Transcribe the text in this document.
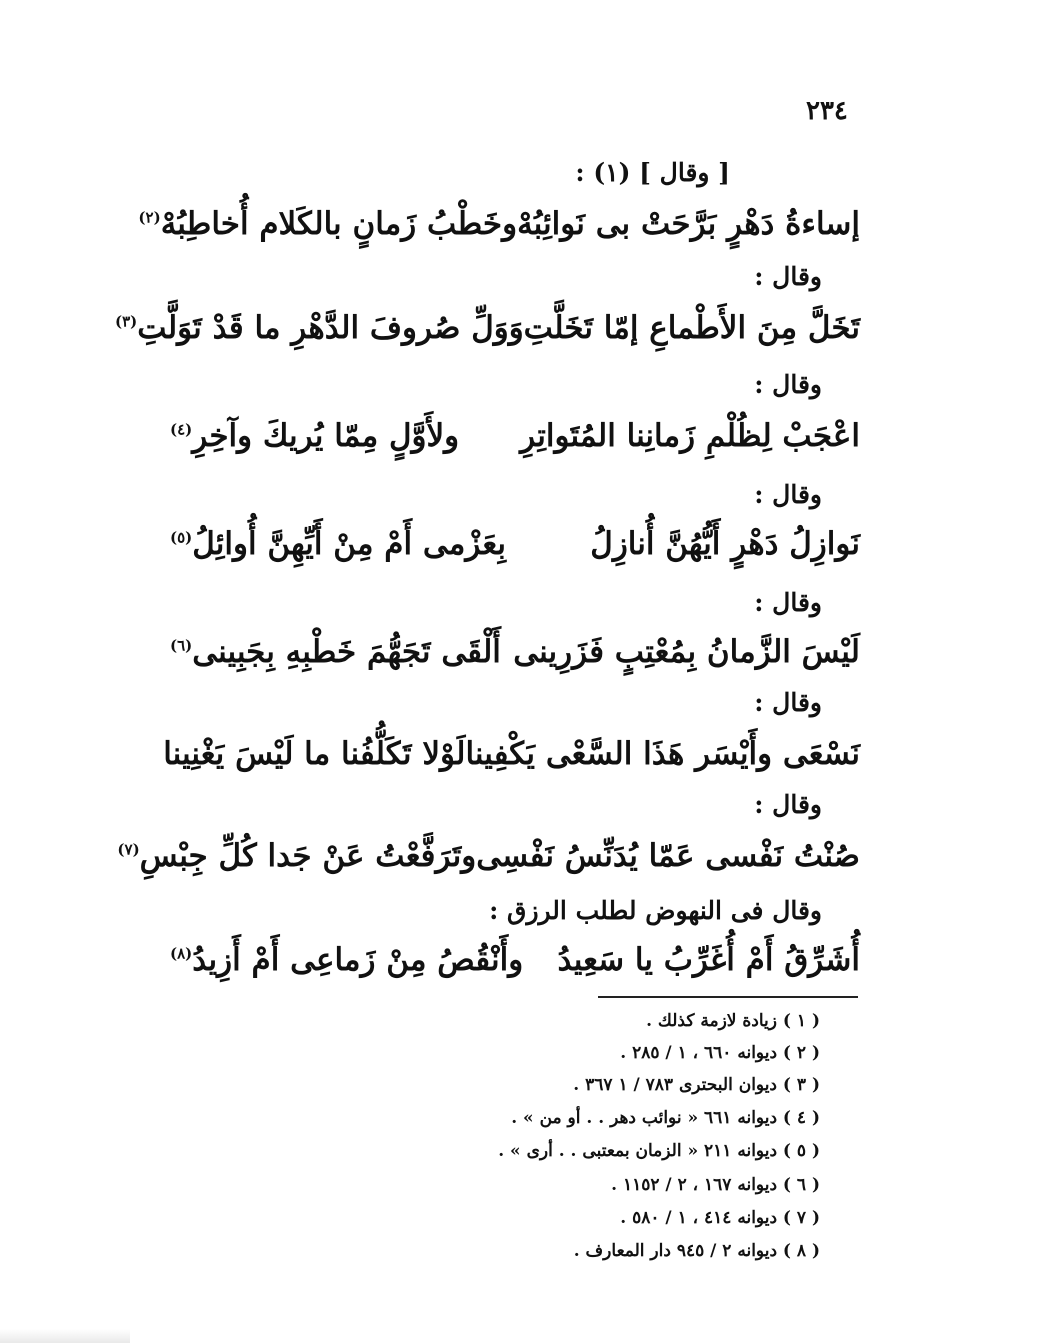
٢٣٤
[ وقال ] (١) :
إساءةُ دَهْرٍ بَرَّحَتْ بى نَوائِبُهْ
وخَطْبُ زَمانٍ بالكَلام أُخاطِبُهْ$^{(٢)}$
وقال :
تَخَلَّ مِنَ الأَطْماعِ إمّا تَخَلَّتِ
وَوَلِّ صُروفَ الدَّهْرِ ما قَدْ تَوَلَّتِ$^{(٣)}$
وقال :
اعْجَبْ لِظُلْمِ زَمانِنا المُتَواتِرِ
ولأَوَّلٍ مِمّا يُريكَ وآخِرِ$^{(٤)}$
وقال :
نَوازِلُ دَهْرٍ أَيُّهُنَّ أُنازِلُ
بِعَزْمى أَمْ مِنْ أَيِّهِنَّ أُوائِلُ$^{(٥)}$
وقال :
لَيْسَ الزَّمانُ بِمُعْتِبٍ فَزَرِينى
أَلْقَى تَجَهُّمَ خَطْبِهِ بِجَبِينى$^{(٦)}$
وقال :
نَسْعَى وأَيْسَر هَذَا السَّعْى يَكْفِينا
لَوْلا تَكَلُّفُنا ما لَيْسَ يَغْنِينا
وقال :
صُنْتُ نَفْسى عَمّا يُدَنِّسُ نَفْسِى
وتَرَفَّعْتُ عَنْ جَدا كُلِّ جِبْسِ$^{(٧)}$
وقال فى النهوض لطلب الرزق :
أُشَرِّقُ أَمْ أُغَرِّبُ يا سَعِيدُ
وأَنْقُصُ مِنْ زَماعِى أَمْ أَزِيدُ$^{(٨)}$
( ١ ) زيادة لازمة كذلك .
( ٢ ) ديوانه ٦٦٠ ، ١ / ٢٨٥ .
( ٣ ) ديوان البحترى ٧٨٣ / ١ ٣٦٧ .
( ٤ ) ديوانه ٦٦١ « نوائب دهر . . أو من » .
( ٥ ) ديوانه ٢١١ « الزمان بمعتبى . . أرى » .
( ٦ ) ديوانه ١٦٧ ، ٢ / ١١٥٢ .
( ٧ ) ديوانه ٤١٤ ، ١ / ٥٨٠ .
( ٨ ) ديوانه ٢ / ٩٤٥ دار المعارف .
